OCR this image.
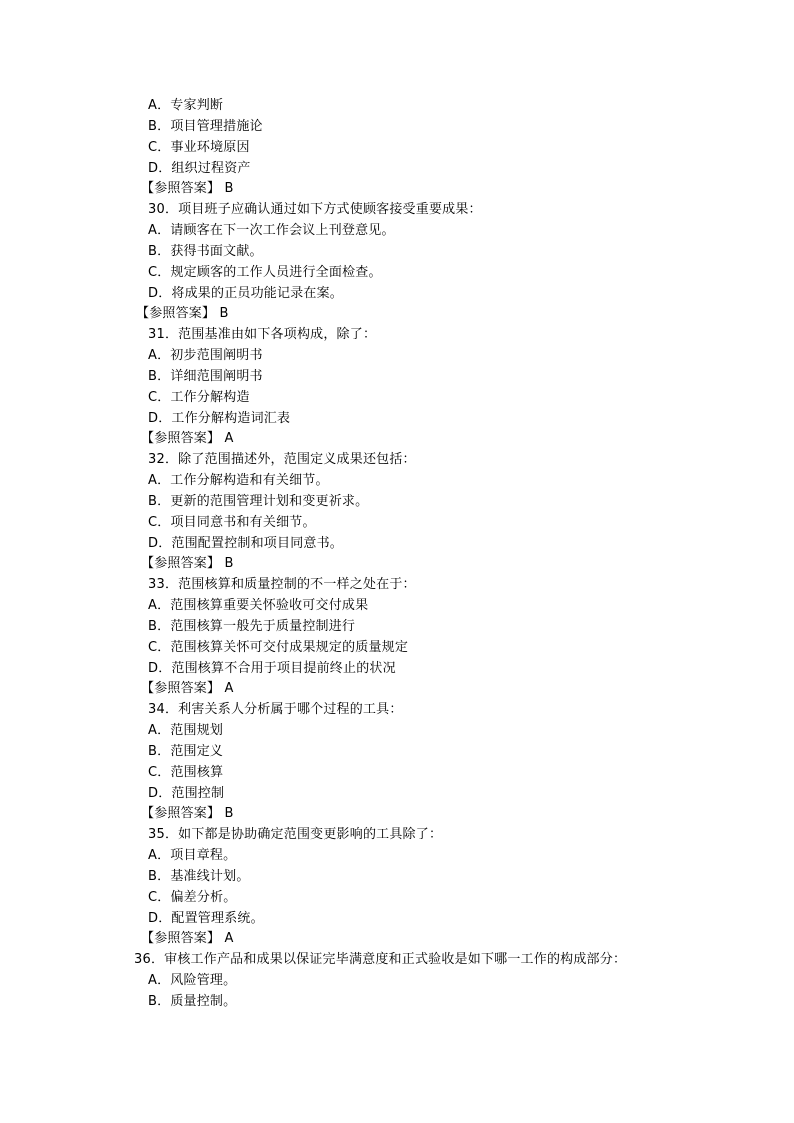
A．专家判断
B．项目管理措施论
C．事业环境原因
D．组织过程资产
【参照答案】 B
30．项目班子应确认通过如下方式使顾客接受重要成果：
A．请顾客在下一次工作会议上刊登意见。
B．获得书面文献。
C．规定顾客的工作人员进行全面检查。
D．将成果的正员功能记录在案。
【参照答案】 B
31．范围基准由如下各项构成，除了：
A．初步范围阐明书
B．详细范围阐明书
C．工作分解构造
D．工作分解构造词汇表
【参照答案】 A
32．除了范围描述外，范围定义成果还包括：
A．工作分解构造和有关细节。
B．更新的范围管理计划和变更祈求。
C．项目同意书和有关细节。
D．范围配置控制和项目同意书。
【参照答案】 B
33．范围核算和质量控制的不一样之处在于：
A．范围核算重要关怀验收可交付成果
B．范围核算一般先于质量控制进行
C．范围核算关怀可交付成果规定的质量规定
D．范围核算不合用于项目提前终止的状况
【参照答案】 A
34．利害关系人分析属于哪个过程的工具：
A．范围规划
B．范围定义
C．范围核算
D．范围控制
【参照答案】 B
35．如下都是协助确定范围变更影响的工具除了：
A．项目章程。
B．基准线计划。
C．偏差分析。
D．配置管理系统。
【参照答案】 A
36．审核工作产品和成果以保证完毕满意度和正式验收是如下哪一工作的构成部分：
A．风险管理。
B．质量控制。
